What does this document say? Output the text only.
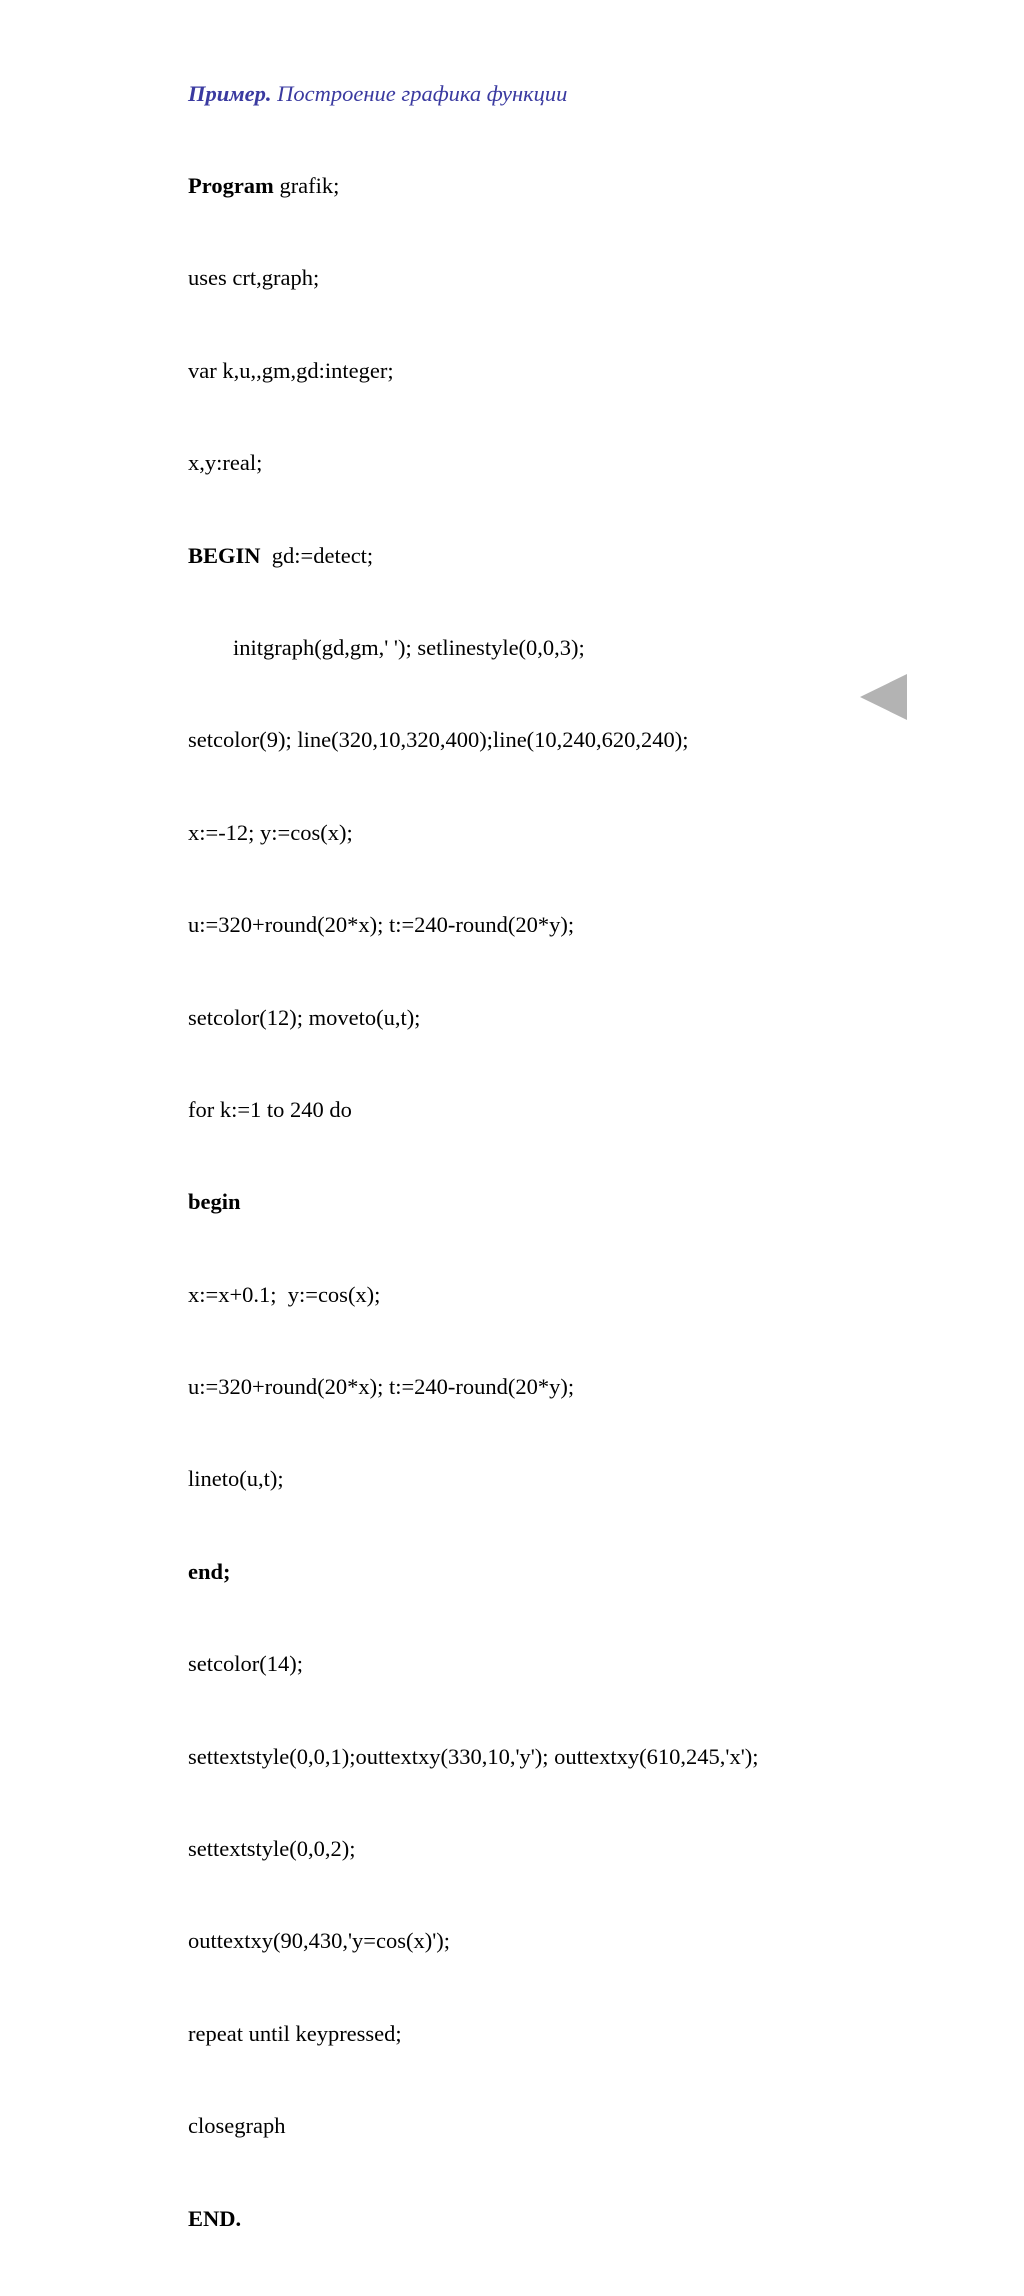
Пример. Построение графика функции

Program grafik;

uses crt,graph;

var k,u,,gm,gd:integer;

x,y:real;

BEGIN  gd:=detect;

initgraph(gd,gm,' '); setlinestyle(0,0,3);

setcolor(9); line(320,10,320,400);line(10,240,620,240);

x:=-12; y:=cos(x);

u:=320+round(20*x); t:=240-round(20*y);

setcolor(12); moveto(u,t);

for k:=1 to 240 do

begin

x:=x+0.1;  y:=cos(x);

u:=320+round(20*x); t:=240-round(20*y);

lineto(u,t);

end;

setcolor(14);

settextstyle(0,0,1);outtextxy(330,10,'y'); outtextxy(610,245,'x');

settextstyle(0,0,2);

outtextxy(90,430,'y=cos(x)');

repeat until keypressed;

closegraph

END.
